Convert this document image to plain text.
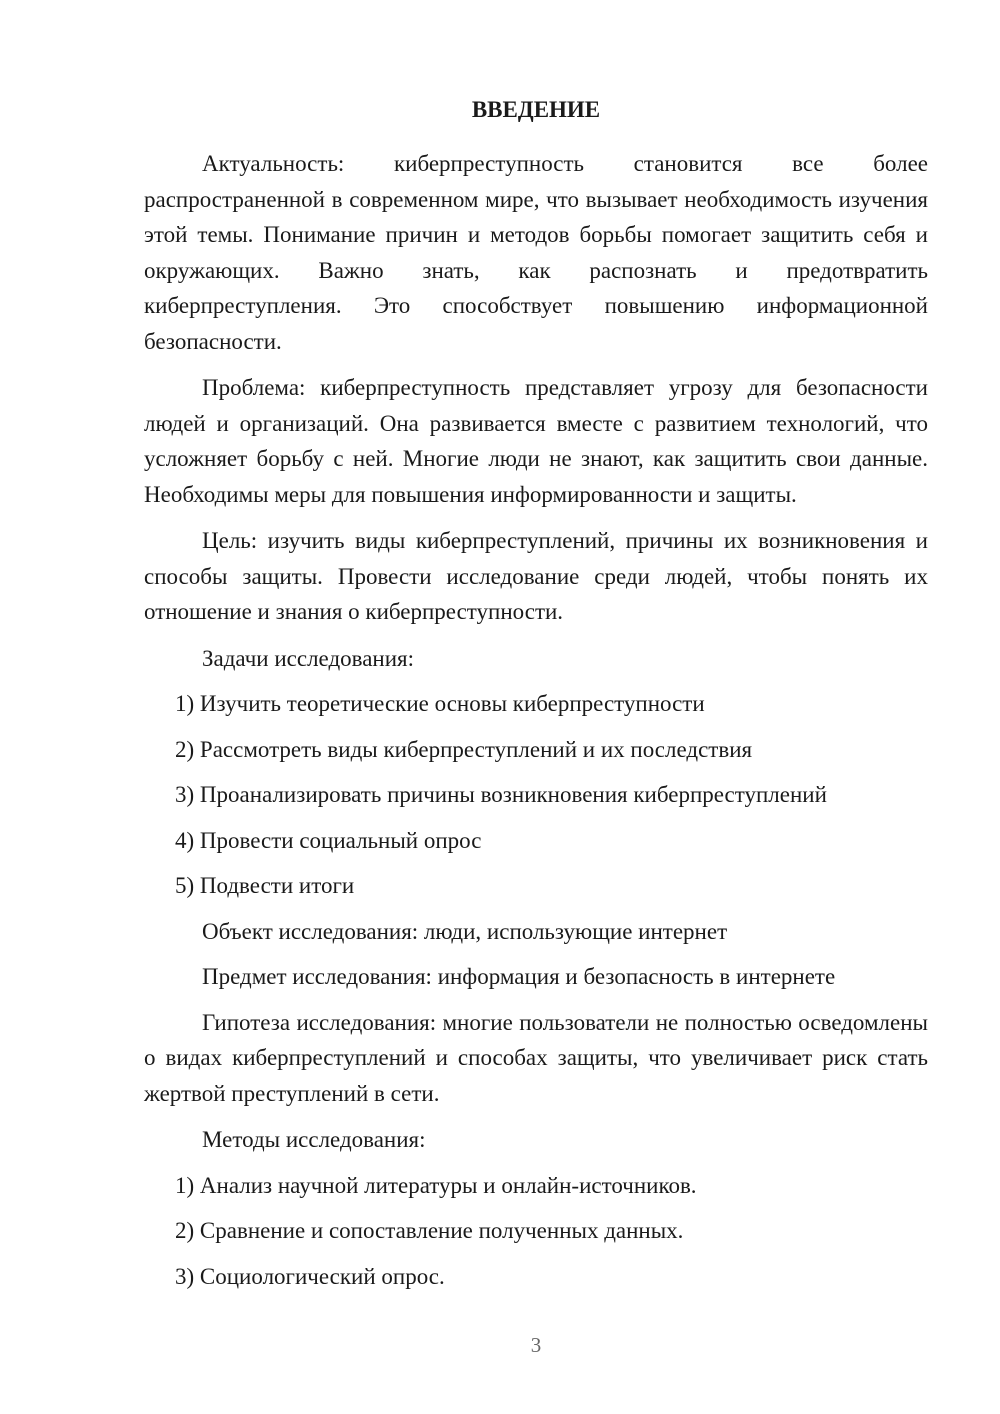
ВВЕДЕНИЕ
Актуальность: киберпреступность становится все более распространенной в современном мире, что вызывает необходимость изучения этой темы. Понимание причин и методов борьбы помогает защитить себя и окружающих. Важно знать, как распознать и предотвратить киберпреступления. Это способствует повышению информационной безопасности.
Проблема: киберпреступность представляет угрозу для безопасности людей и организаций. Она развивается вместе с развитием технологий, что усложняет борьбу с ней. Многие люди не знают, как защитить свои данные. Необходимы меры для повышения информированности и защиты.
Цель: изучить виды киберпреступлений, причины их возникновения и способы защиты. Провести исследование среди людей, чтобы понять их отношение и знания о киберпреступности.
Задачи исследования:
1) Изучить теоретические основы киберпреступности
2) Рассмотреть виды киберпреступлений и их последствия
3) Проанализировать причины возникновения киберпреступлений
4) Провести социальный опрос
5) Подвести итоги
Объект исследования: люди, использующие интернет
Предмет исследования: информация и безопасность в интернете
Гипотеза исследования: многие пользователи не полностью осведомлены о видах киберпреступлений и способах защиты, что увеличивает риск стать жертвой преступлений в сети.
Методы исследования:
1) Анализ научной литературы и онлайн-источников.
2) Сравнение и сопоставление полученных данных.
3) Социологический опрос.
3
